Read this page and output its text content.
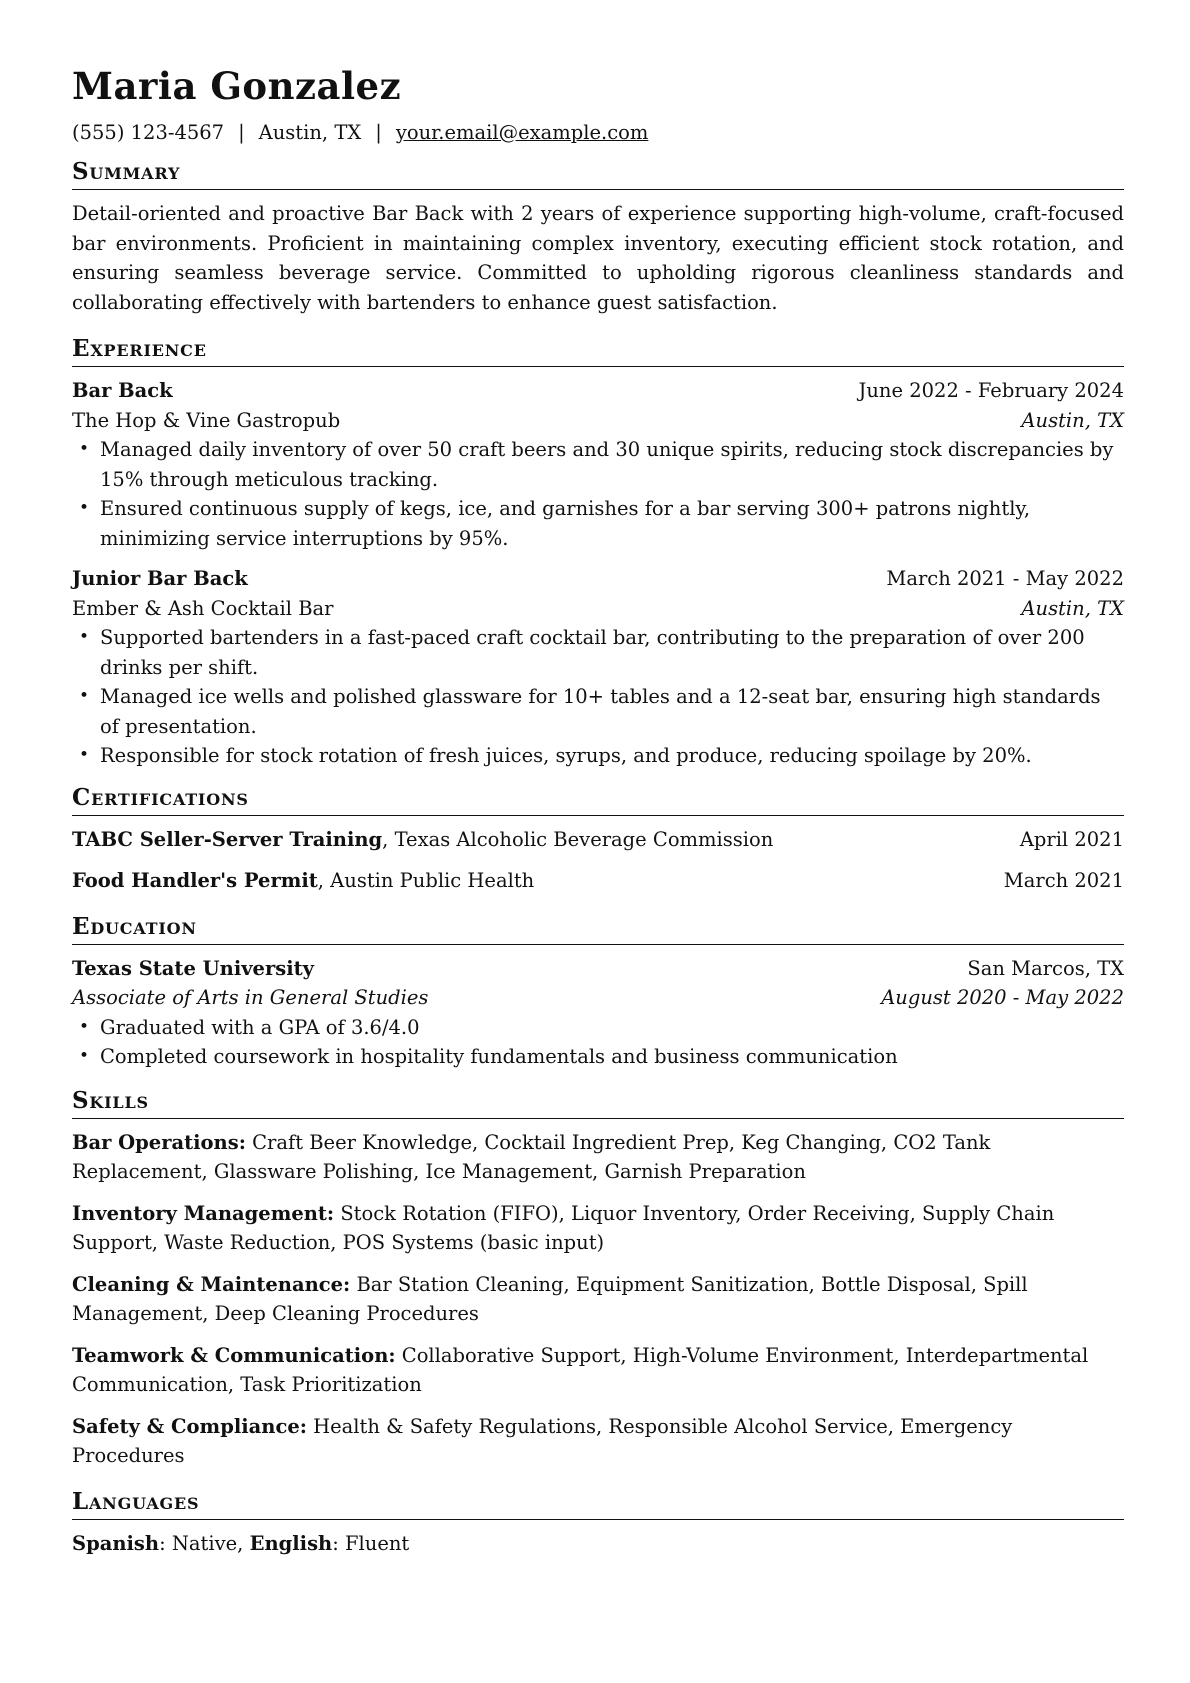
Maria Gonzalez
(555) 123-4567 | Austin, TX | your.email@example.com
Summary
Detail-oriented and proactive Bar Back with 2 years of experience supporting high-volume, craft-focused bar environments. Proficient in maintaining complex inventory, executing efficient stock rotation, and ensuring seamless beverage service. Committed to upholding rigorous cleanliness standards and collaborating effectively with bartenders to enhance guest satisfaction.
Experience
Bar Back	June 2022 - February 2024
The Hop & Vine Gastropub	Austin, TX
• Managed daily inventory of over 50 craft beers and 30 unique spirits, reducing stock discrepancies by 15% through meticulous tracking.
• Ensured continuous supply of kegs, ice, and garnishes for a bar serving 300+ patrons nightly, minimizing service interruptions by 95%.
Junior Bar Back	March 2021 - May 2022
Ember & Ash Cocktail Bar	Austin, TX
• Supported bartenders in a fast-paced craft cocktail bar, contributing to the preparation of over 200 drinks per shift.
• Managed ice wells and polished glassware for 10+ tables and a 12-seat bar, ensuring high standards of presentation.
• Responsible for stock rotation of fresh juices, syrups, and produce, reducing spoilage by 20%.
Certifications
TABC Seller-Server Training, Texas Alcoholic Beverage Commission	April 2021
Food Handler's Permit, Austin Public Health	March 2021
Education
Texas State University	San Marcos, TX
Associate of Arts in General Studies	August 2020 - May 2022
• Graduated with a GPA of 3.6/4.0
• Completed coursework in hospitality fundamentals and business communication
Skills
Bar Operations: Craft Beer Knowledge, Cocktail Ingredient Prep, Keg Changing, CO2 Tank Replacement, Glassware Polishing, Ice Management, Garnish Preparation
Inventory Management: Stock Rotation (FIFO), Liquor Inventory, Order Receiving, Supply Chain Support, Waste Reduction, POS Systems (basic input)
Cleaning & Maintenance: Bar Station Cleaning, Equipment Sanitization, Bottle Disposal, Spill Management, Deep Cleaning Procedures
Teamwork & Communication: Collaborative Support, High-Volume Environment, Interdepartmental Communication, Task Prioritization
Safety & Compliance: Health & Safety Regulations, Responsible Alcohol Service, Emergency Procedures
Languages
Spanish: Native, English: Fluent
